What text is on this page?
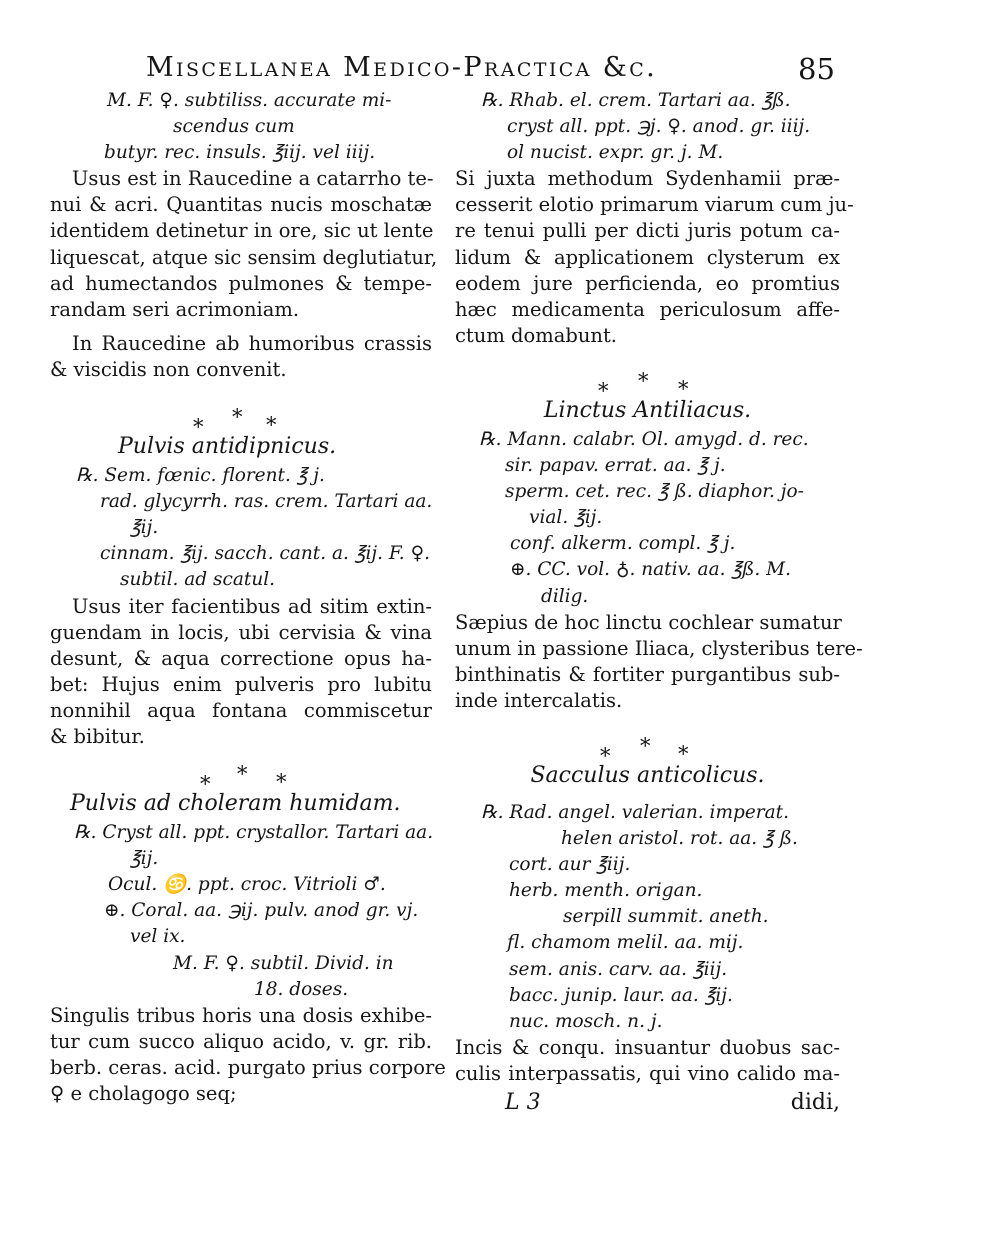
Miscellanea Medico-Practica &c.	85
M. F. ♀. subtiliss. accurate mi-
scendus cum
butyr. rec. insuls. ℥iij. vel iiij.
Usus est in Raucedine a catarrho te-
nui & acri. Quantitas nucis moschatæ
identidem detinetur in ore, sic ut lente
liquescat, atque sic sensim deglutiatur,
ad humectandos pulmones & tempe-
randam seri acrimoniam.
In Raucedine ab humoribus crassis
& viscidis non convenit.
* * *
Pulvis antidipnicus.
℞. Sem. fœnic. florent. ℥ j.
rad. glycyrrh. ras. crem. Tartari aa.
℥ij.
cinnam. ℥ij. sacch. cant. a. ℥ij. F. ♀.
subtil. ad scatul.
Usus iter facientibus ad sitim extin-
guendam in locis, ubi cervisia & vina
desunt, & aqua correctione opus ha-
bet: Hujus enim pulveris pro lubitu
nonnihil aqua fontana commiscetur
& bibitur.
* * *
Pulvis ad choleram humidam.
℞. Cryst all. ppt. crystallor. Tartari aa.
℥ij.
Ocul. ♋. ppt. croc. Vitrioli ♂.
⊕. Coral. aa. ℈ij. pulv. anod gr. vj.
vel ix.
M. F. ♀. subtil. Divid. in
18. doses.
Singulis tribus horis una dosis exhibe-
tur cum succo aliquo acido, v. gr. rib.
berb. ceras. acid. purgato prius corpore
♀ e cholagogo seq;
℞. Rhab. el. crem. Tartari aa. ℥ß.
cryst all. ppt. ℈j. ♀. anod. gr. iiij.
ol nucist. expr. gr. j. M.
Si juxta methodum Sydenhamii præ-
cesserit elotio primarum viarum cum ju-
re tenui pulli per dicti juris potum ca-
lidum & applicationem clysterum ex
eodem jure perficienda, eo promtius
hæc medicamenta periculosum affe-
ctum domabunt.
* * *
Linctus Antiliacus.
℞. Mann. calabr. Ol. amygd. d. rec.
sir. papav. errat. aa. ℥ j.
sperm. cet. rec. ℥ ß. diaphor. jo-
vial. ℥ij.
conf. alkerm. compl. ℥ j.
⊕. CC. vol. ♁. nativ. aa. ℥ß. M.
dilig.
Sæpius de hoc linctu cochlear sumatur
unum in passione Iliaca, clysteribus tere-
binthinatis & fortiter purgantibus sub-
inde intercalatis.
* * *
Sacculus anticolicus.
℞. Rad. angel. valerian. imperat.
helen aristol. rot. aa. ℥ ß.
cort. aur ℥iij.
herb. menth. origan.
serpill summit. aneth.
fl. chamom melil. aa. mij.
sem. anis. carv. aa. ℥iij.
bacc. junip. laur. aa. ℥ij.
nuc. mosch. n. j.
Incis & conqu. insuantur duobus sac-
culis interpassatis, qui vino calido ma-
L 3	didi,
